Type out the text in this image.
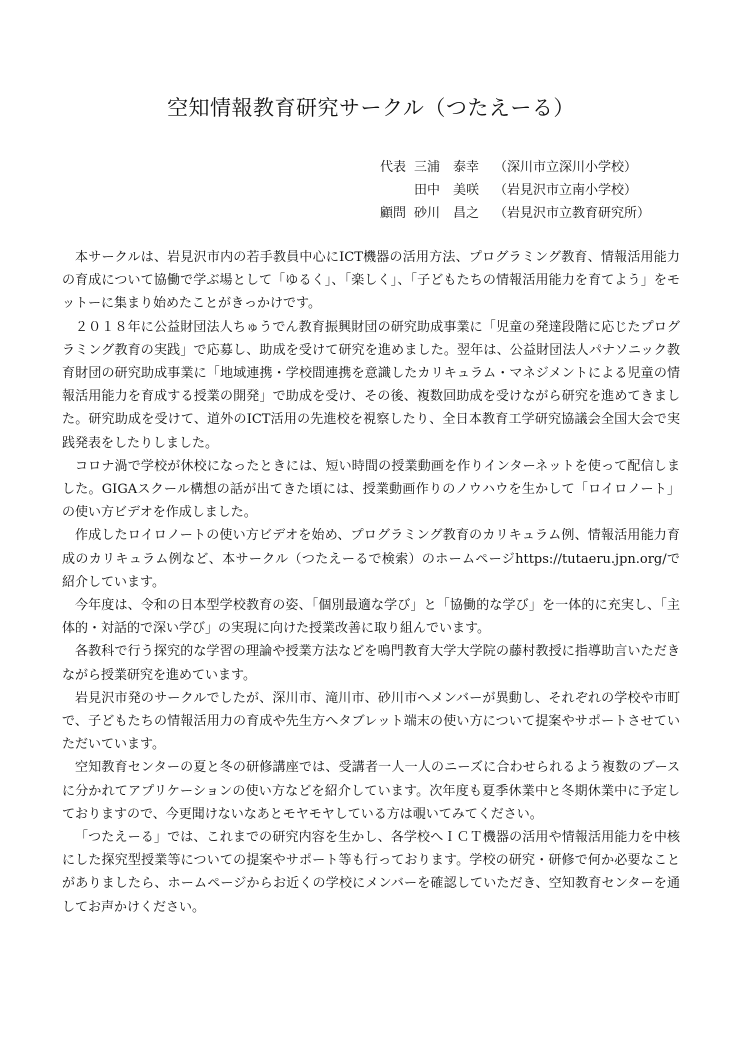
空知情報教育研究サークル（つたえーる）
代表 三浦　泰幸	（深川市立深川小学校）
田中　美咲	（岩見沢市立南小学校）
顧問 砂川　昌之	（岩見沢市立教育研究所）

本サークルは、岩見沢市内の若手教員中心にICT機器の活用方法、プログラミング教育、情報活用能力の育成について協働で学ぶ場として「ゆるく」、「楽しく」、「子どもたちの情報活用能力を育てよう」をモットーに集まり始めたことがきっかけです。

２０１８年に公益財団法人ちゅうでん教育振興財団の研究助成事業に「児童の発達段階に応じたプログラミング教育の実践」で応募し、助成を受けて研究を進めました。翌年は、公益財団法人パナソニック教育財団の研究助成事業に「地域連携・学校間連携を意識したカリキュラム・マネジメントによる児童の情報活用能力を育成する授業の開発」で助成を受け、その後、複数回助成を受けながら研究を進めてきました。研究助成を受けて、道外のICT活用の先進校を視察したり、全日本教育工学研究協議会全国大会で実践発表をしたりしました。

コロナ渦で学校が休校になったときには、短い時間の授業動画を作りインターネットを使って配信しました。GIGAスクール構想の話が出てきた頃には、授業動画作りのノウハウを生かして「ロイロノート」の使い方ビデオを作成しました。

作成したロイロノートの使い方ビデオを始め、プログラミング教育のカリキュラム例、情報活用能力育成のカリキュラム例など、本サークル（つたえーるで検索）のホームページhttps://tutaeru.jpn.org/で紹介しています。

今年度は、令和の日本型学校教育の姿、「個別最適な学び」と「協働的な学び」を一体的に充実し、「主体的・対話的で深い学び」の実現に向けた授業改善に取り組んでいます。

各教科で行う探究的な学習の理論や授業方法などを鳴門教育大学大学院の藤村教授に指導助言いただきながら授業研究を進めています。

岩見沢市発のサークルでしたが、深川市、滝川市、砂川市へメンバーが異動し、それぞれの学校や市町で、子どもたちの情報活用力の育成や先生方へタブレット端末の使い方について提案やサポートさせていただいています。

空知教育センターの夏と冬の研修講座では、受講者一人一人のニーズに合わせられるよう複数のブースに分かれてアプリケーションの使い方などを紹介しています。次年度も夏季休業中と冬期休業中に予定しておりますので、今更聞けないなあとモヤモヤしている方は覗いてみてください。

「つたえーる」では、これまでの研究内容を生かし、各学校へＩＣＴ機器の活用や情報活用能力を中核にした探究型授業等についての提案やサポート等も行っております。学校の研究・研修で何か必要なことがありましたら、ホームページからお近くの学校にメンバーを確認していただき、空知教育センターを通してお声かけください。
